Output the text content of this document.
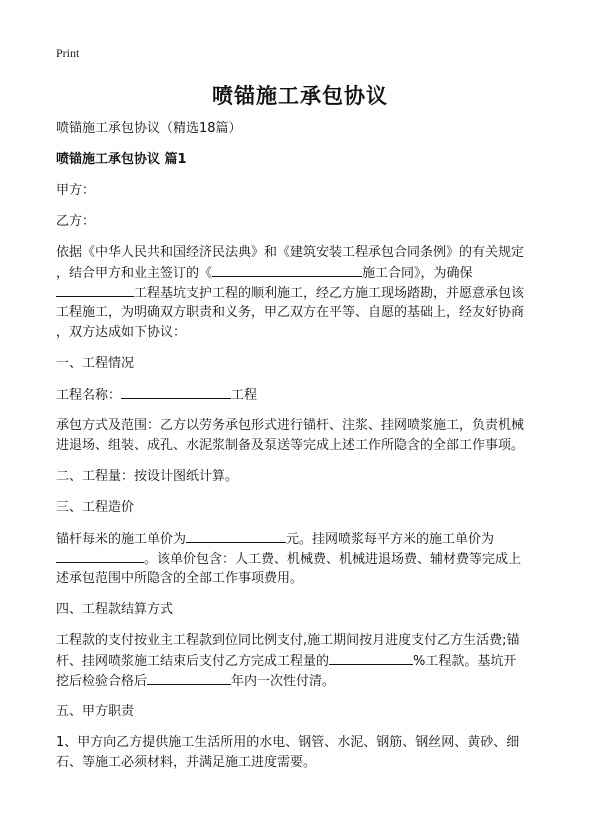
Print
喷锚施工承包协议
喷锚施工承包协议（精选18篇）
喷锚施工承包协议 篇1
甲方：
乙方：
依据《中华人民共和国经济民法典》和《建筑安装工程承包合同条例》的有关规定
，结合甲方和业主签订的《	施工合同》，为确保
工程基坑支护工程的顺利施工，经乙方施工现场踏勘，并愿意承包该
工程施工，为明确双方职责和义务，甲乙双方在平等、自愿的基础上，经友好协商
，双方达成如下协议：
一、工程情况
工程名称：	工程
承包方式及范围：乙方以劳务承包形式进行锚杆、注浆、挂网喷浆施工，负责机械
进退场、组装、成孔、水泥浆制备及泵送等完成上述工作所隐含的全部工作事项。
二、工程量：按设计图纸计算。
三、工程造价
锚杆每米的施工单价为	元。挂网喷浆每平方米的施工单价为
。该单价包含：人工费、机械费、机械进退场费、辅材费等完成上
述承包范围中所隐含的全部工作事项费用。
四、工程款结算方式
工程款的支付按业主工程款到位同比例支付,施工期间按月进度支付乙方生活费;锚
杆、挂网喷浆施工结束后支付乙方完成工程量的	%工程款。基坑开
挖后检验合格后	年内一次性付清。
五、甲方职责
1、甲方向乙方提供施工生活所用的水电、钢管、水泥、钢筋、钢丝网、黄砂、细
石、等施工必须材料，并满足施工进度需要。
